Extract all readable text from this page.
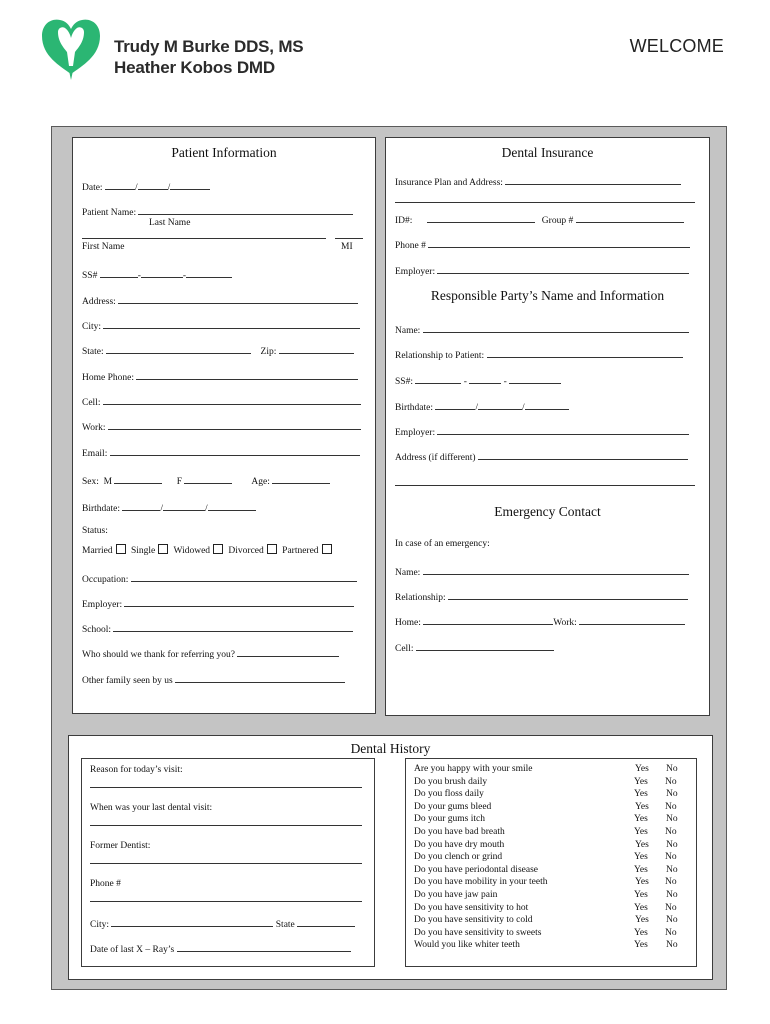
Trudy M Burke DDS, MS
Heather Kobos DMD
WELCOME
Patient Information
Date:	/	/
Patient Name:
Last Name
First Name	MI
SS#	-	-
Address:
City:
State:	Zip:
Home Phone:
Cell:
Work:
Email:
Sex: M	F	Age:
Birthdate:	/	/
Status:
Married Single Widowed Divorced Partnered
Occupation:
Employer:
School:
Who should we thank for referring you?
Other family seen by us
Dental Insurance
Insurance Plan and Address:
ID#:	Group #
Phone #
Employer:
Responsible Party’s Name and Information
Name:
Relationship to Patient:
SS#:	-	-
Birthdate:	/	/
Employer:
Address (if different)
Emergency Contact
In case of an emergency:
Name:
Relationship:
Home:	Work:
Cell:
Dental History
Reason for today’s visit:
When was your last dental visit:
Former Dentist:
Phone #
City:	State
Date of last X – Ray’s
Are you happy with your smile	Yes No
Do you brush daily	Yes No
Do you floss daily	Yes No
Do your gums bleed	Yes No
Do your gums itch	Yes No
Do you have bad breath	Yes No
Do you have dry mouth	Yes No
Do you clench or grind	Yes No
Do you have periodontal disease	Yes No
Do you have mobility in your teeth	Yes No
Do you have jaw pain	Yes No
Do you have sensitivity to hot	Yes No
Do you have sensitivity to cold	Yes No
Do you have sensitivity to sweets	Yes No
Would you like whiter teeth	Yes No
